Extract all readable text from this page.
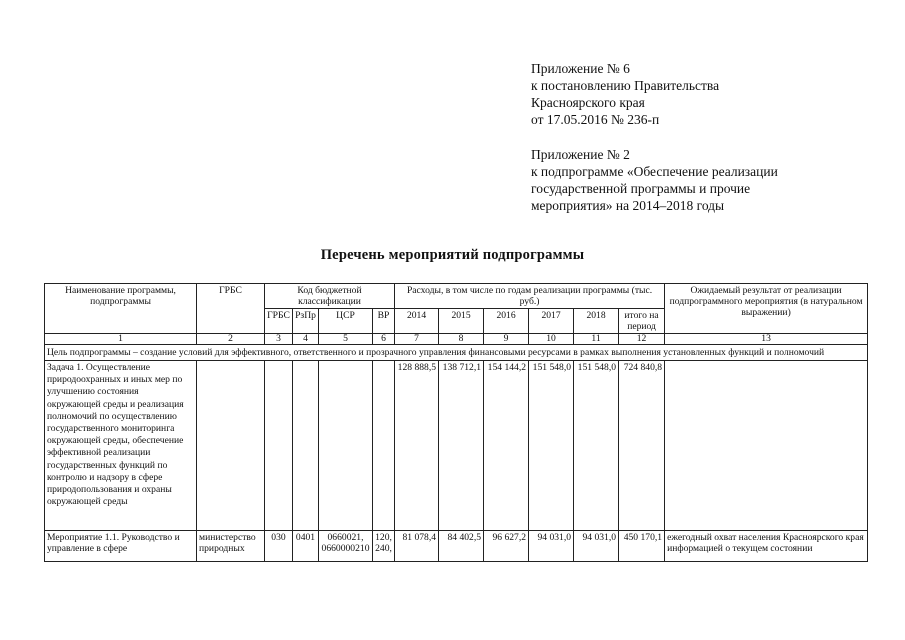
Приложение № 6
к постановлению Правительства
Красноярского края
от 17.05.2016 № 236-п
Приложение № 2
к подпрограмме «Обеспечение реализации
государственной программы и прочие
мероприятия» на 2014–2018 годы
Перечень мероприятий подпрограммы
Наименование программы, подпрограммы	ГРБС	Код бюджетной классификации				Расходы, в том числе по годам реализации программы (тыс. руб.)						Ожидаемый результат от реализации подпрограммного мероприятия (в натуральном выражении)
		ГРБС	РзПр	ЦСР	ВР	2014	2015	2016	2017	2018	итого на период	
1	2	3	4	5	6	7	8	9	10	11	12	13
Цель подпрограммы – создание условий для эффективного, ответственного и прозрачного управления финансовыми ресурсами в рамках выполнения установленных функций и полномочий												
Задача 1. Осуществление природоохранных и иных мер по улучшению состояния окружающей среды и реализация полномочий по осуществлению государственного мониторинга окружающей среды, обеспечение эффективной реализации государственных функций по контролю и надзору в сфере природопользования и охраны окружающей среды						128 888,5	138 712,1	154 144,2	151 548,0	151 548,0	724 840,8	
Мероприятие 1.1. Руководство и управление в сфере	министерство природных	030	0401	0660021, 0660000210	120, 240,	81 078,4	84 402,5	96 627,2	94 031,0	94 031,0	450 170,1	ежегодный охват населения Красноярского края информацией о текущем состоянии
